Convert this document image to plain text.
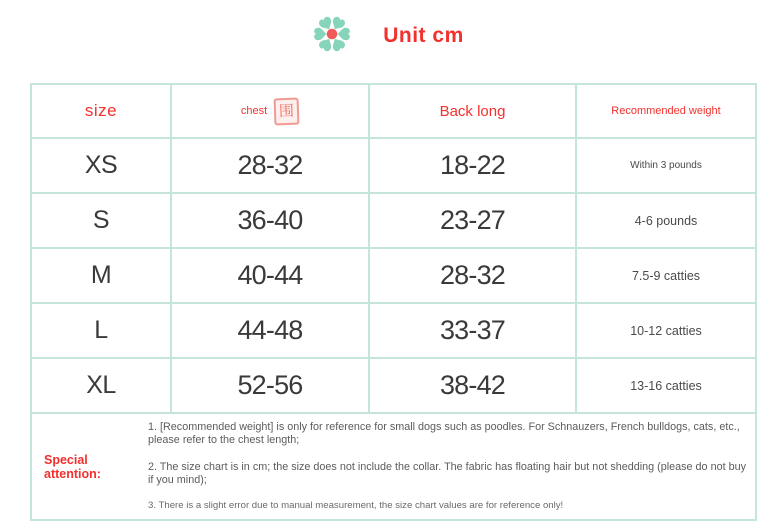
Unit cm
size	chest 围	Back long	Recommended weight
XS	28-32	18-22	Within 3 pounds
S	36-40	23-27	4-6 pounds
M	40-44	28-32	7.5-9 catties
L	44-48	33-37	10-12 catties
XL	52-56	38-42	13-16 catties

Special attention:

1. [Recommended weight] is only for reference for small dogs such as poodles. For Schnauzers, French bulldogs, cats, etc., please refer to the chest length;

2. The size chart is in cm; the size does not include the collar. The fabric has floating hair but not shedding (please do not buy if you mind);

3. There is a slight error due to manual measurement, the size chart values are for reference only!			
